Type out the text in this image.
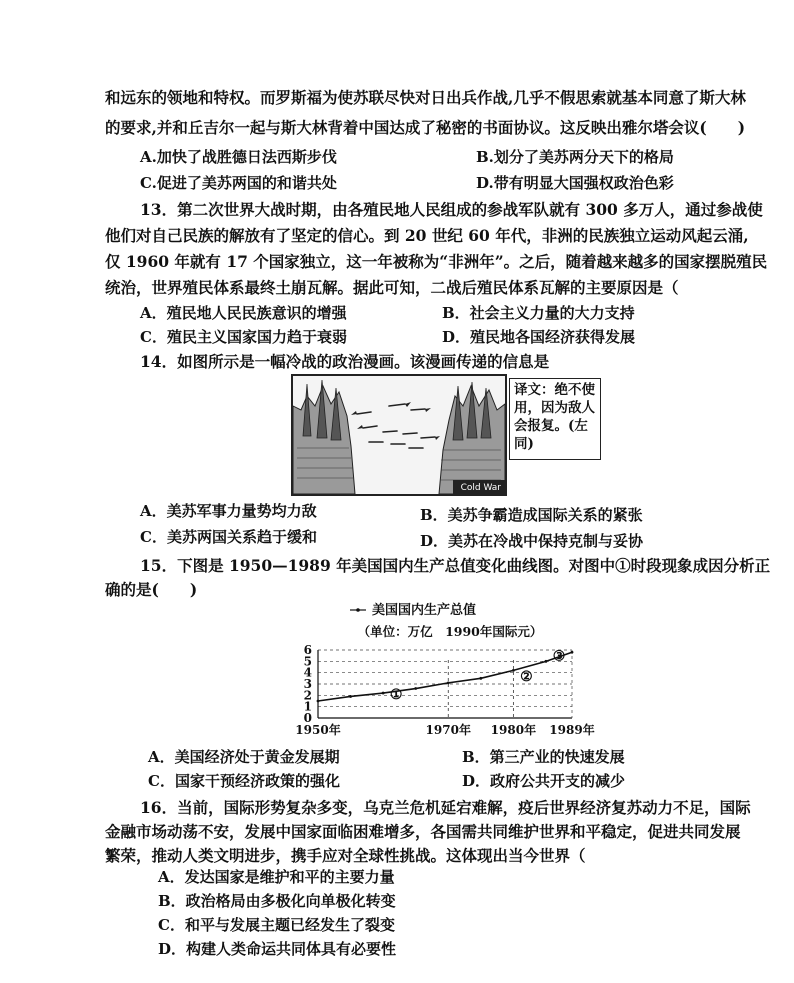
和远东的领地和特权。而罗斯福为使苏联尽快对日出兵作战,几乎不假思索就基本同意了斯大林
的要求,并和丘吉尔一起与斯大林背着中国达成了秘密的书面协议。这反映出雅尔塔会议(　　)
A.加快了战胜德日法西斯步伐	B.划分了美苏两分天下的格局
C.促进了美苏两国的和谐共处	D.带有明显大国强权政治色彩
13．第二次世界大战时期，由各殖民地人民组成的参战军队就有 300 多万人，通过参战使
他们对自己民族的解放有了坚定的信心。到 20 世纪 60 年代，非洲的民族独立运动风起云涌,
仅 1960 年就有 17 个国家独立，这一年被称为“非洲年”。之后，随着越来越多的国家摆脱殖民
统治，世界殖民体系最终土崩瓦解。据此可知，二战后殖民体系瓦解的主要原因是（
A．殖民地人民民族意识的增强	B．社会主义力量的大力支持
C．殖民主义国家国力趋于衰弱	D．殖民地各国经济获得发展
14．如图所示是一幅冷战的政治漫画。该漫画传递的信息是
Cold War
译文：绝不使用，因为敌人会报复。(左同)
A．美苏军事力量势均力敌	B．美苏争霸造成国际关系的紧张
C．美苏两国关系趋于缓和	D．美苏在冷战中保持克制与妥协
15．下图是 1950—1989 年美国国内生产总值变化曲线图。对图中①时段现象成因分析正
确的是(　　)
美国国内生产总值
（单位：万亿　1990年国际元）
0
1
2
3
4
5
6
1950年	1970年 1980年 1989年
①
②
③
A．美国经济处于黄金发展期	B．第三产业的快速发展
C．国家干预经济政策的强化	D．政府公共开支的减少
16．当前，国际形势复杂多变，乌克兰危机延宕难解，疫后世界经济复苏动力不足，国际
金融市场动荡不安，发展中国家面临困难增多，各国需共同维护世界和平稳定，促进共同发展
繁荣，推动人类文明进步，携手应对全球性挑战。这体现出当今世界（
A．发达国家是维护和平的主要力量
B．政治格局由多极化向单极化转变
C．和平与发展主题已经发生了裂变
D．构建人类命运共同体具有必要性
